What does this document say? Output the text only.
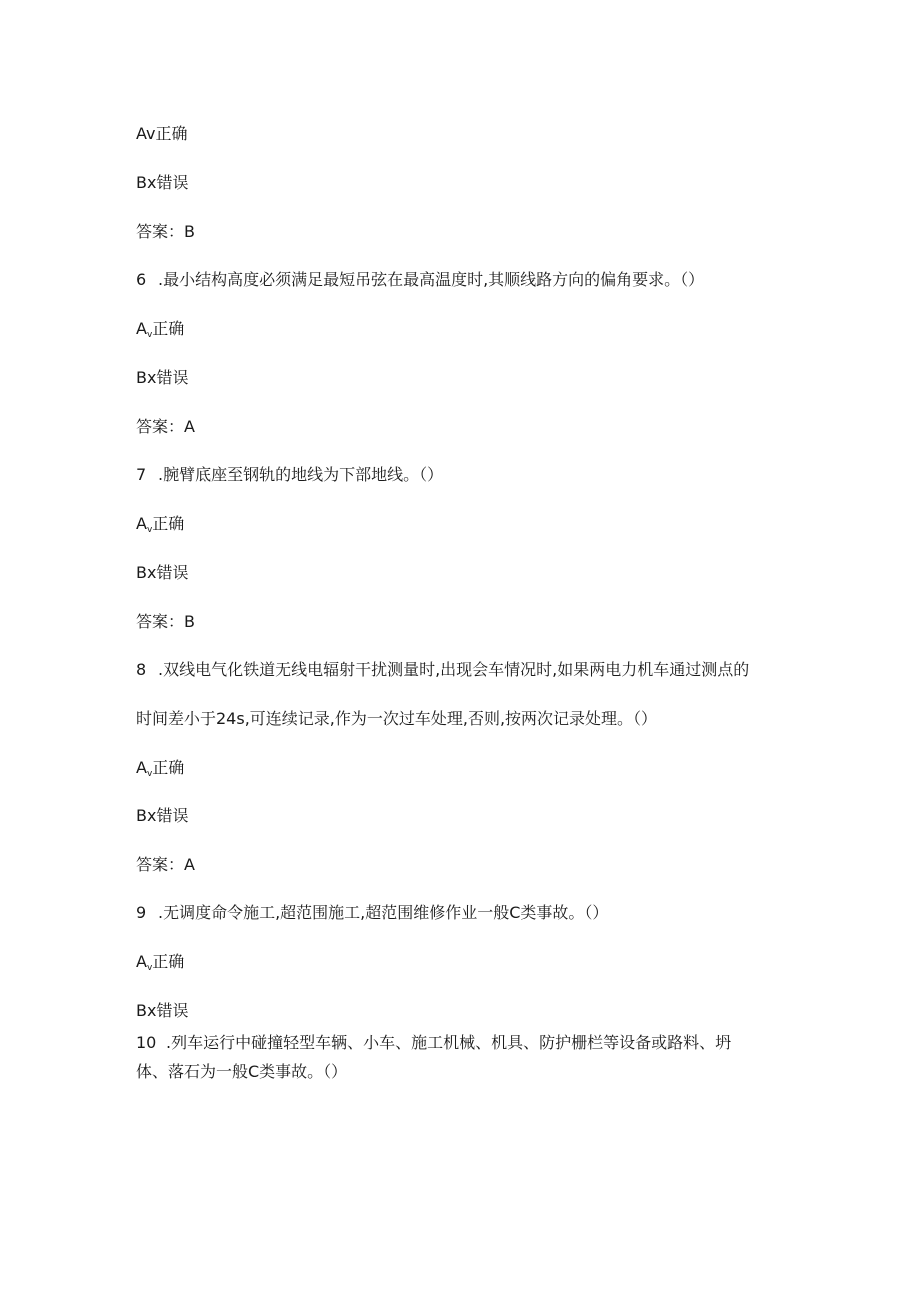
Av正确
Bx错误
答案：B
6 .最小结构高度必须满足最短吊弦在最高温度时,其顺线路方向的偏角要求。（）
$A_v$正确
Bx错误
答案：A
7 .腕臂底座至钢轨的地线为下部地线。（）
$A_v$正确
Bx错误
答案：B
8 .双线电气化铁道无线电辐射干扰测量时,出现会车情况时,如果两电力机车通过测点的
时间差小于24s,可连续记录,作为一次过车处理,否则,按两次记录处理。（）
$A_v$正确
Bx错误
答案：A
9 .无调度命令施工,超范围施工,超范围维修作业一般C类事故。（）
$A_v$正确
Bx错误
10 .列车运行中碰撞轻型车辆、小车、施工机械、机具、防护栅栏等设备或路料、坍
体、落石为一般C类事故。（）
